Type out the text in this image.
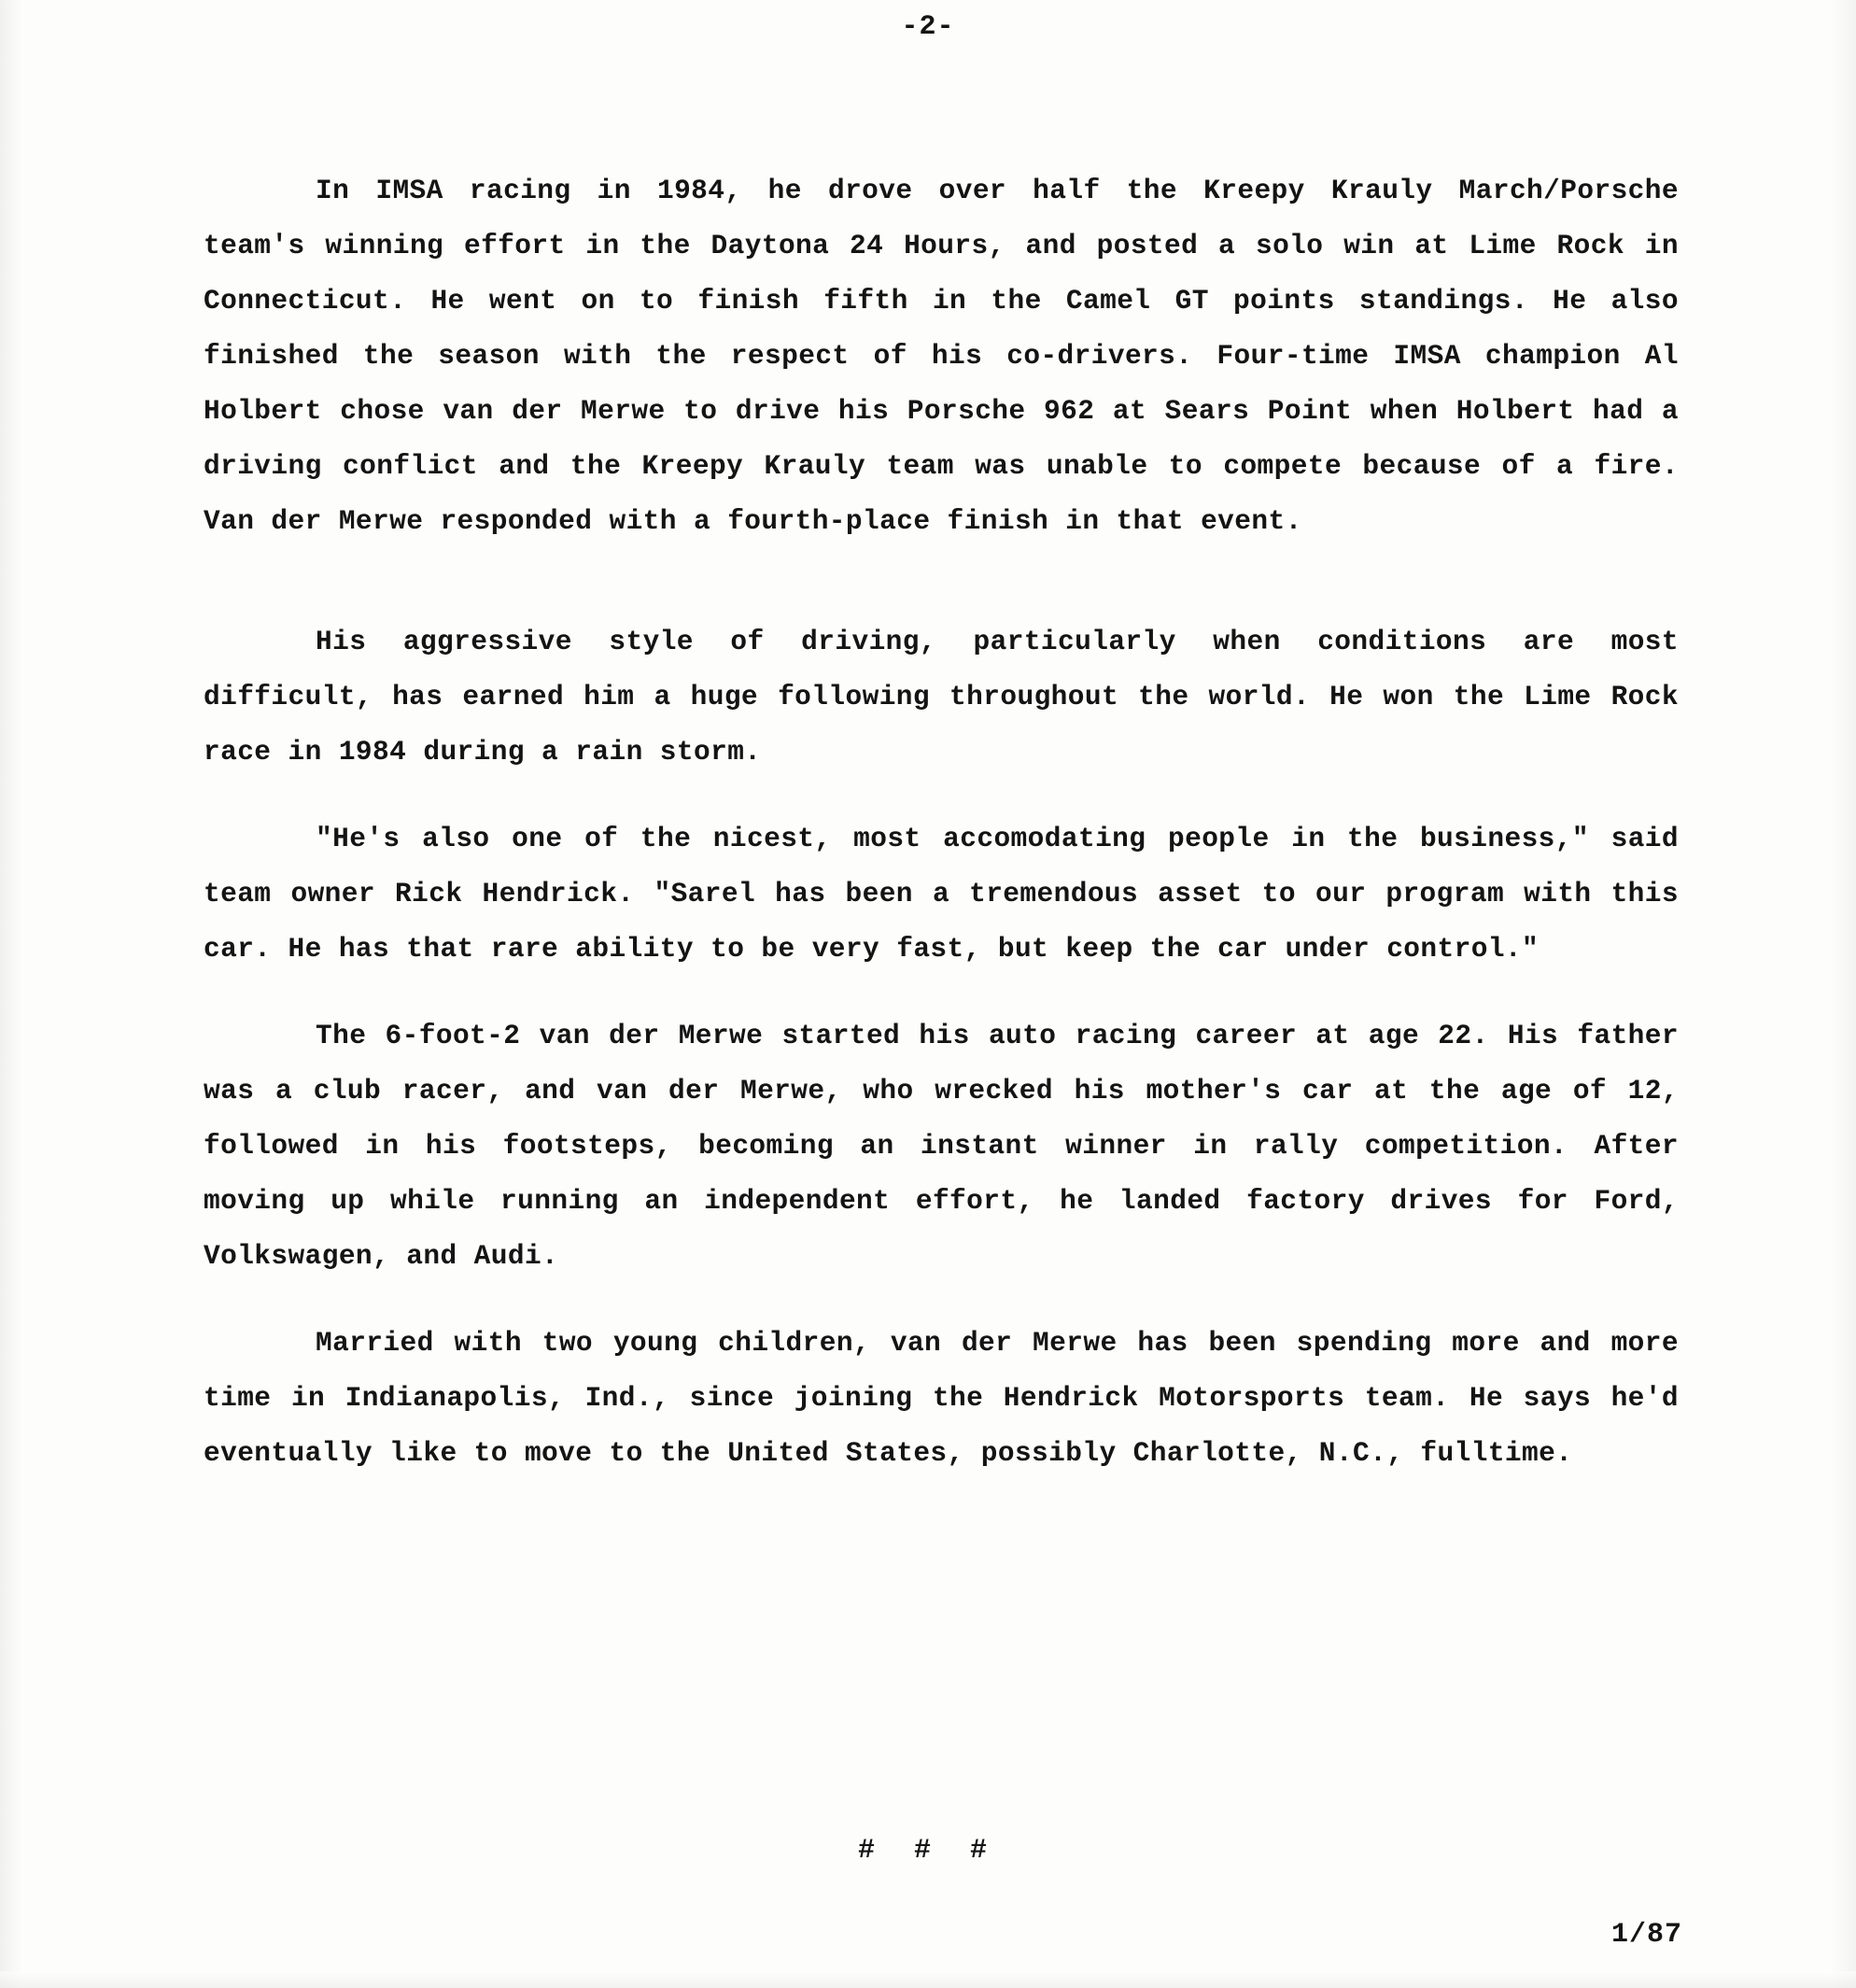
-2-

In IMSA racing in 1984, he drove over half the Kreepy Krauly March/Porsche team's winning effort in the Daytona 24 Hours, and posted a solo win at Lime Rock in Connecticut. He went on to finish fifth in the Camel GT points standings. He also finished the season with the respect of his co-drivers. Four-time IMSA champion Al Holbert chose van der Merwe to drive his Porsche 962 at Sears Point when Holbert had a driving conflict and the Kreepy Krauly team was unable to compete because of a fire. Van der Merwe responded with a fourth-place finish in that event.

His aggressive style of driving, particularly when conditions are most difficult, has earned him a huge following throughout the world. He won the Lime Rock race in 1984 during a rain storm.

"He's also one of the nicest, most accomodating people in the business," said team owner Rick Hendrick. "Sarel has been a tremendous asset to our program with this car. He has that rare ability to be very fast, but keep the car under control."

The 6-foot-2 van der Merwe started his auto racing career at age 22. His father was a club racer, and van der Merwe, who wrecked his mother's car at the age of 12, followed in his footsteps, becoming an instant winner in rally competition. After moving up while running an independent effort, he landed factory drives for Ford, Volkswagen, and Audi.

Married with two young children, van der Merwe has been spending more and more time in Indianapolis, Ind., since joining the Hendrick Motorsports team. He says he'd eventually like to move to the United States, possibly Charlotte, N.C., fulltime.

# # #
1/87
